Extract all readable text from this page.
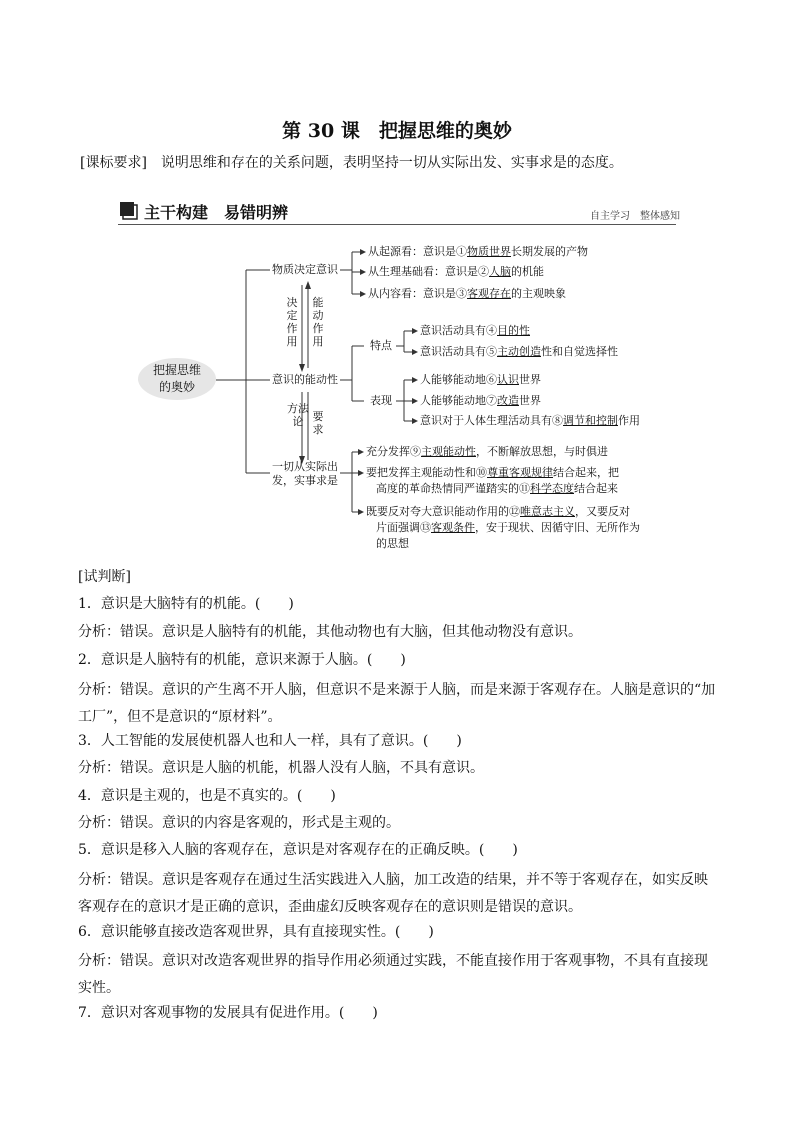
第 30 课　把握思维的奥妙
[课标要求]　说明思维和存在的关系问题，表明坚持一切从实际出发、实事求是的态度。
主干构建　易错明辨	自主学习　整体感知
把握思维
的奥妙
物质决定意识
从起源看：意识是①物质世界长期发展的产物
从生理基础看：意识是②人脑的机能
从内容看：意识是③客观存在的主观映象
决定作用
能动作用
意识的能动性
特点
表现
意识活动具有④目的性
意识活动具有⑤主动创造性和自觉选择性
人能够能动地⑥认识世界
人能够能动地⑦改造世界
意识对于人体生理活动具有⑧调节和控制作用
方法论 要求
一切从实际出
发，实事求是
充分发挥⑨主观能动性，不断解放思想，与时俱进
要把发挥主观能动性和⑩尊重客观规律结合起来，把
高度的革命热情同严谨踏实的⑪科学态度结合起来
既要反对夸大意识能动作用的⑫唯意志主义，又要反对
片面强调⑬客观条件，安于现状、因循守旧、无所作为
的思想
[试判断]
1．意识是大脑特有的机能。(　　)
分析：错误。意识是人脑特有的机能，其他动物也有大脑，但其他动物没有意识。
2．意识是人脑特有的机能，意识来源于人脑。(　　)
分析：错误。意识的产生离不开人脑，但意识不是来源于人脑，而是来源于客观存在。人脑是意识的“加工厂”，但不是意识的“原材料”。
3．人工智能的发展使机器人也和人一样，具有了意识。(　　)
分析：错误。意识是人脑的机能，机器人没有人脑，不具有意识。
4．意识是主观的，也是不真实的。(　　)
分析：错误。意识的内容是客观的，形式是主观的。
5．意识是移入人脑的客观存在，意识是对客观存在的正确反映。(　　)
分析：错误。意识是客观存在通过生活实践进入人脑，加工改造的结果，并不等于客观存在，如实反映客观存在的意识才是正确的意识，歪曲虚幻反映客观存在的意识则是错误的意识。
6．意识能够直接改造客观世界，具有直接现实性。(　　)
分析：错误。意识对改造客观世界的指导作用必须通过实践，不能直接作用于客观事物，不具有直接现实性。
7．意识对客观事物的发展具有促进作用。(　　)
